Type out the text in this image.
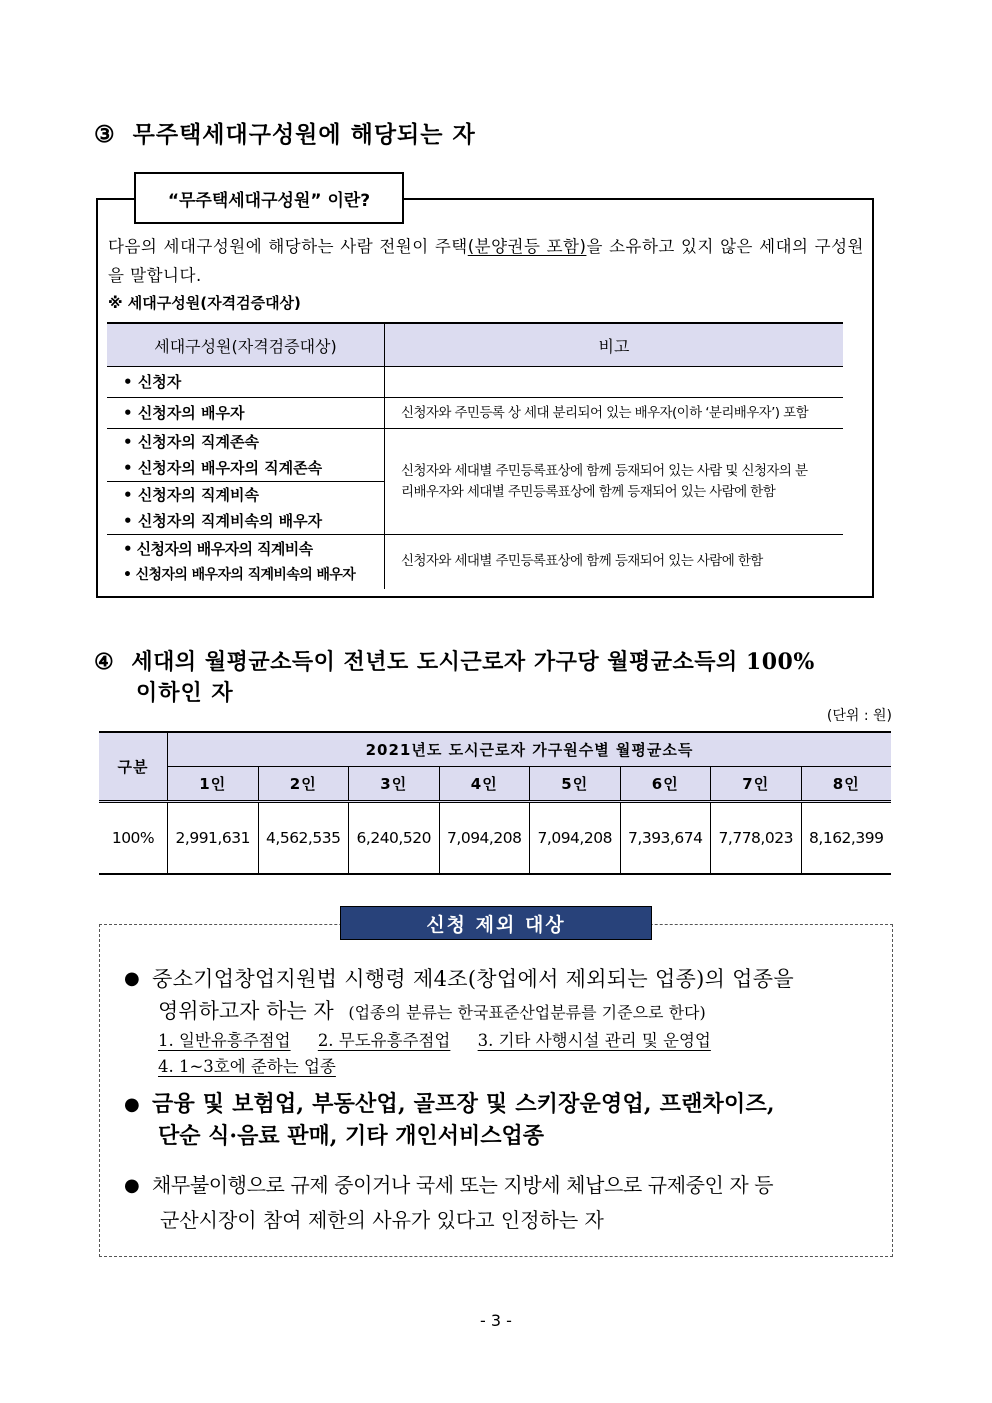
③ 무주택세대구성원에 해당되는 자
“무주택세대구성원” 이란?
다음의 세대구성원에 해당하는 사람 전원이 주택(분양권등 포함)을 소유하고 있지 않은 세대의 구성원을 말합니다.
※ 세대구성원(자격검증대상)
세대구성원(자격검증대상)	비고

• 신청자

• 신청자의 배우자	신청자와 주민등록 상 세대 분리되어 있는 배우자(이하 ‘분리배우자’) 포함

• 신청자의 직계존속
• 신청자의 배우자의 직계존속	신청자와 세대별 주민등록표상에 함께 등재되어 있는 사람 및 신청자의 분리배우자와 세대별 주민등록표상에 함께 등재되어 있는 사람에 한함

• 신청자의 직계비속
• 신청자의 직계비속의 배우자

• 신청자의 배우자의 직계비속
• 신청자의 배우자의 직계비속의 배우자	신청자와 세대별 주민등록표상에 함께 등재되어 있는 사람에 한함
④ 세대의 월평균소득이 전년도 도시근로자 가구당 월평균소득의 100%
이하인 자
(단위 : 원)
구분	2021년도 도시근로자 가구원수별 월평균소득							
	1인	2인	3인	4인	5인	6인	7인	8인
100%	2,991,631	4,562,535	6,240,520	7,094,208	7,094,208	7,393,674	7,778,023	8,162,399
신청 제외 대상
● 중소기업창업지원법 시행령 제4조(창업에서 제외되는 업종)의 업종을
영위하고자 하는 자 (업종의 분류는 한국표준산업분류를 기준으로 한다)
1. 일반유흥주점업 2. 무도유흥주점업 3. 기타 사행시설 관리 및 운영업
4. 1~3호에 준하는 업종
● 금융 및 보험업, 부동산업, 골프장 및 스키장운영업, 프랜차이즈,
단순 식·음료 판매, 기타 개인서비스업종
● 채무불이행으로 규제 중이거나 국세 또는 지방세 체납으로 규제중인 자 등
군산시장이 참여 제한의 사유가 있다고 인정하는 자
- 3 -
